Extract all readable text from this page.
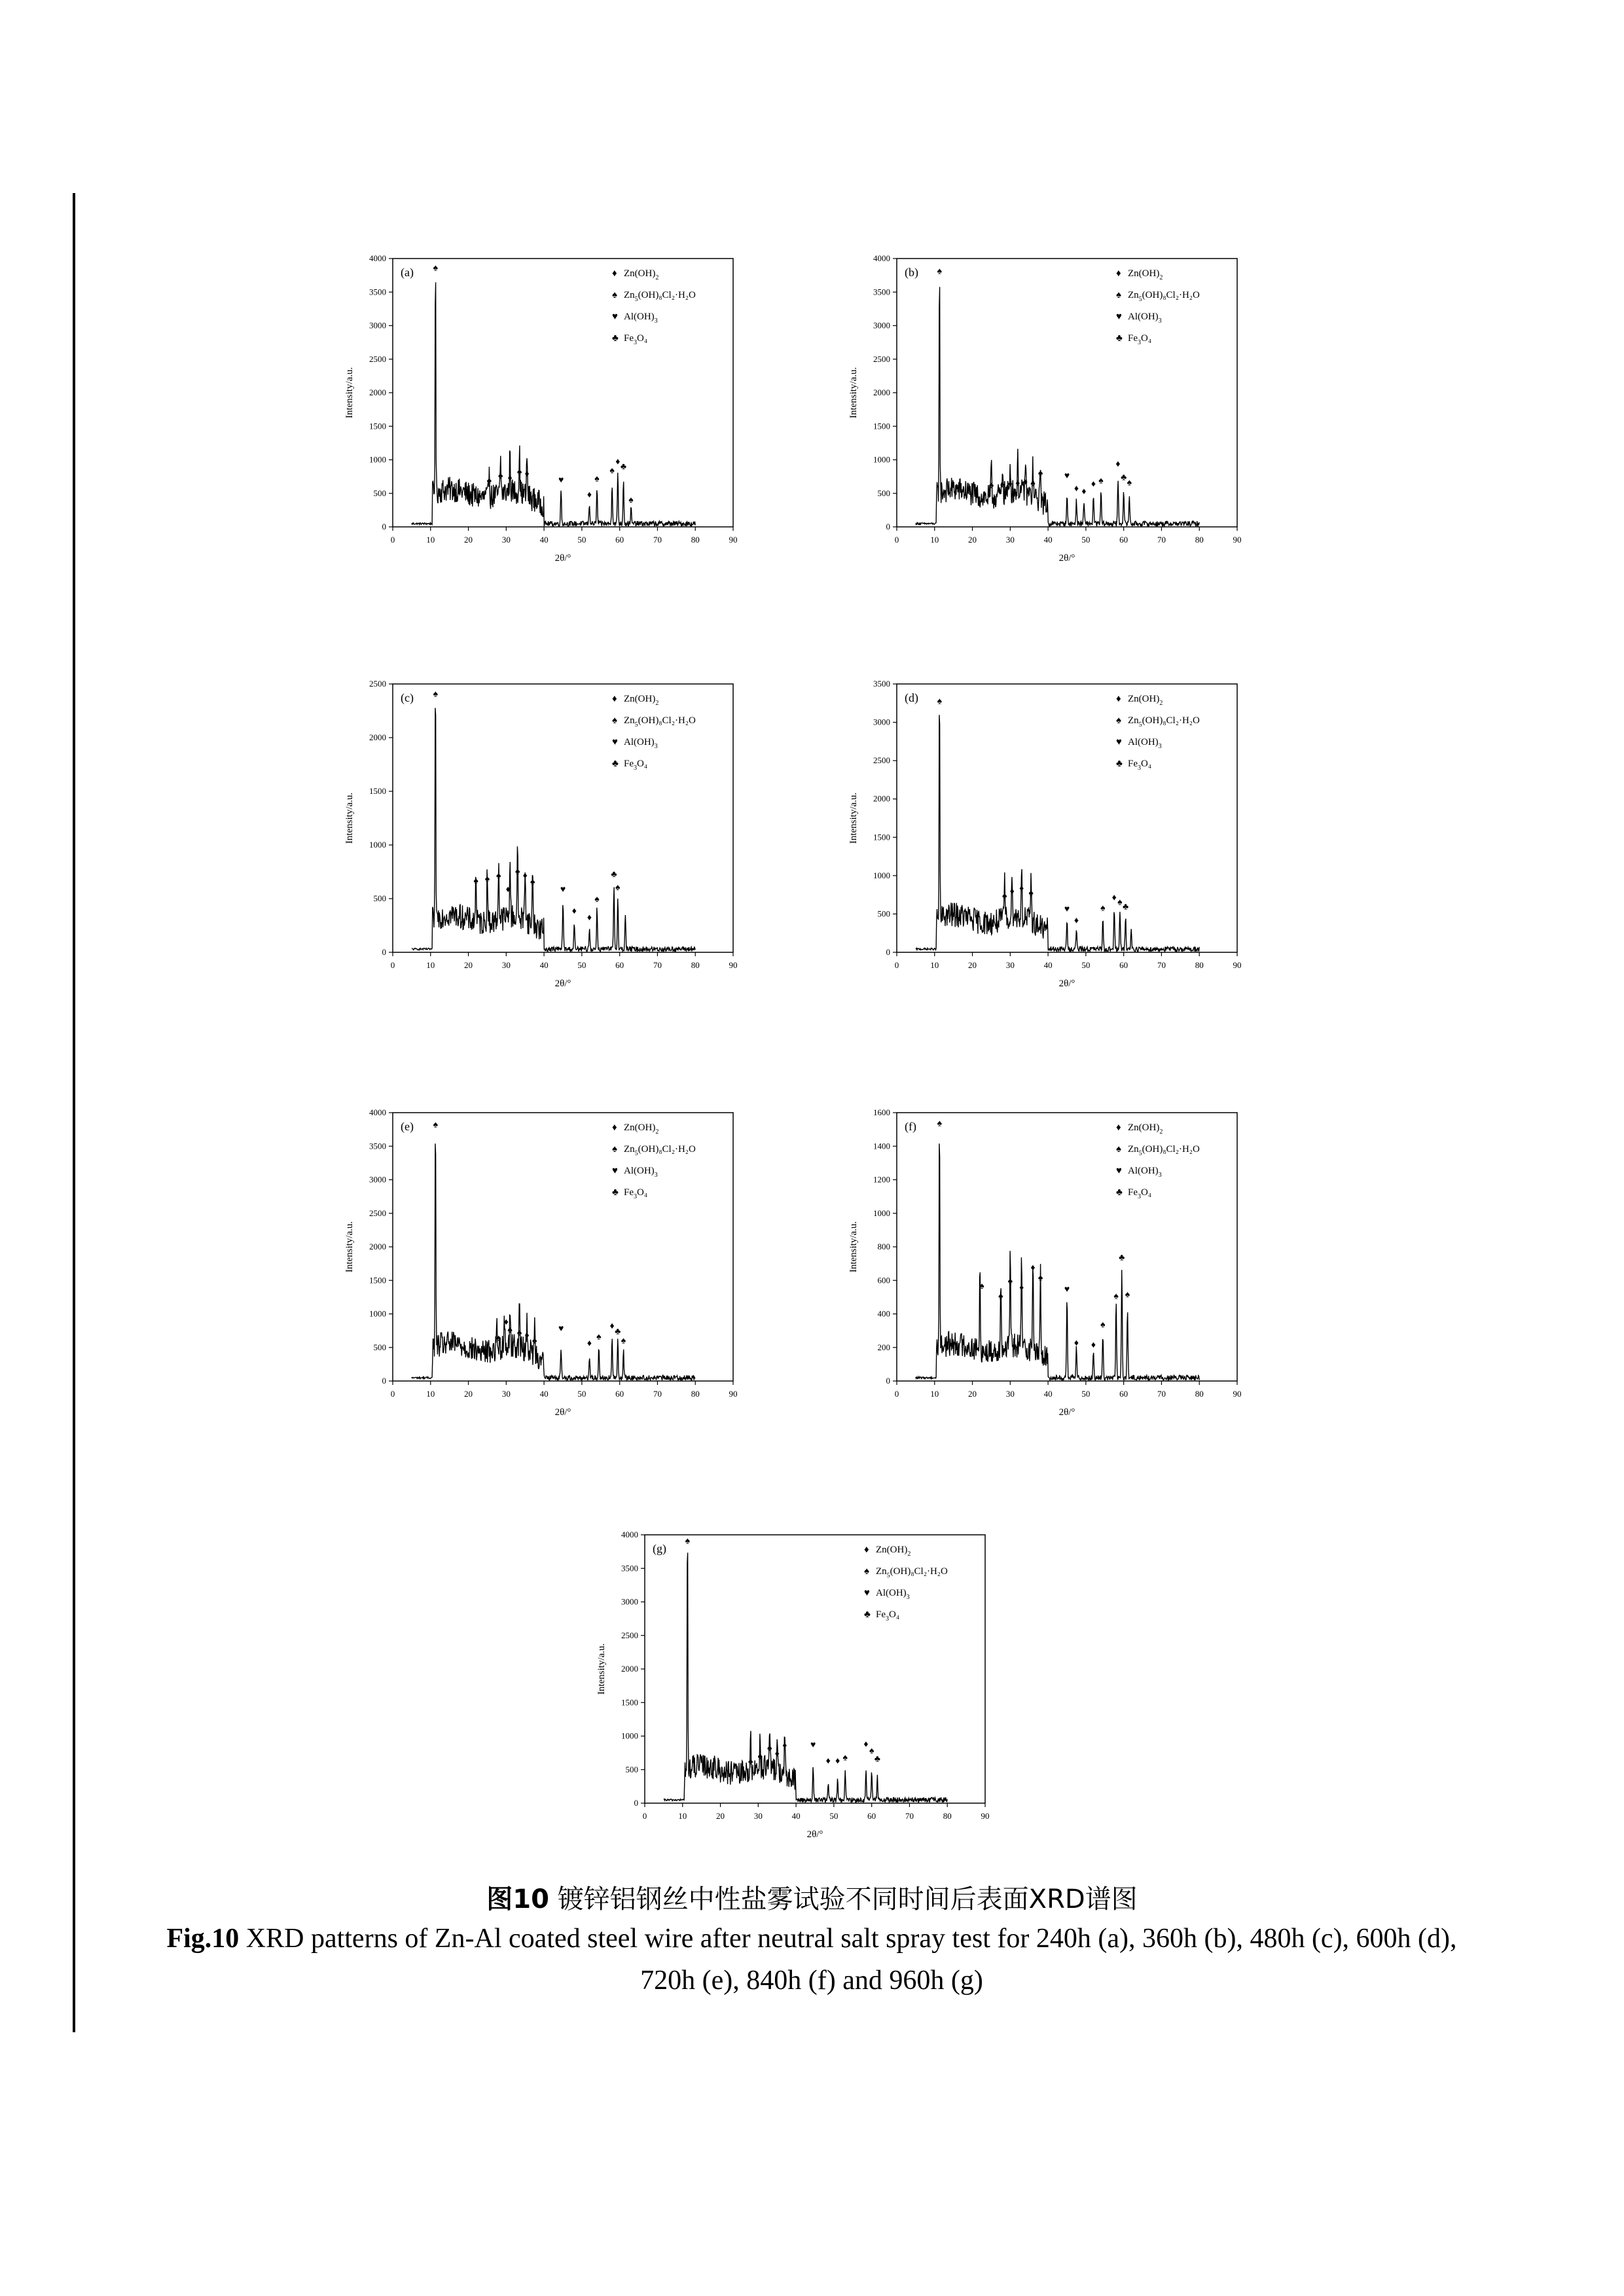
0	10	20	30	40	50	60	70	80	90
0
500
1000
1500
2000
2500
3000
3500
4000
2θ/°
Intensity/a.u.
(a)	♦ $Zn(OH)_2$
♠ $Zn_5(OH)_8Cl_2\cdot H_2O$
♥ $Al(OH)_3$
♣ $Fe_3O_4$
♠
♠ ♠ ♦
♠ ♦
♥
♦
♠
♠
♦ ♣
♠
0	10	20	30	40	50	60	70	80	90
0
500
1000
1500
2000
2500
3000
3500
4000
2θ/°
Intensity/a.u.
(b)	♦ $Zn(OH)_2$
♠ $Zn_5(OH)_8Cl_2\cdot H_2O$
♥ $Al(OH)_3$
♣ $Fe_3O_4$
♠
♠ ♠ ♦ ♦ ♦ ♠
♠ ♥
♦ ♦
♦ ♠
♦
♣
♠
0	10	20	30	40	50	60	70	80	90
0
500
1000
1500
2000
2500
2θ/°
Intensity/a.u.
(c)	♦ $Zn(OH)_2$
♠ $Zn_5(OH)_8Cl_2\cdot H_2O$
♥ $Al(OH)_3$
♣ $Fe_3O_4$
♠
♠ ♠ ♠
♦
♠ ♦
♠
♥
♦
♦
♠
♣
♠
0	10	20	30	40	50	60	70	80	90
0
500
1000
1500
2000
2500
3000
3500
2θ/°
Intensity/a.u.
(d)	♦ $Zn(OH)_2$
♠ $Zn_5(OH)_8Cl_2\cdot H_2O$
♥ $Al(OH)_3$
♣ $Fe_3O_4$
♠
♠ ♦ ♦ ♠
♥
♦
♠
♦ ♠ ♣
0	10	20	30	40	50	60	70	80	90
0
500
1000
1500
2000
2500
3000
3500
4000
2θ/°
Intensity/a.u.
(e)	♦ $Zn(OH)_2$
♠ $Zn_5(OH)_8Cl_2\cdot H_2O$
♥ $Al(OH)_3$
♣ $Fe_3O_4$
♠
♠
♦
♠ ♠ ♦
♠
♥
♦
♠
♦
♣
♠
0	10	20	30	40	50	60	70	80	90
0
200
400
600
800
1000
1200
1400
1600
2θ/°
Intensity/a.u.
(f)	♦ $Zn(OH)_2$
♠ $Zn_5(OH)_8Cl_2\cdot H_2O$
♥ $Al(OH)_3$
♣ $Fe_3O_4$
♠
♠
♠
♠
♦
♦
♠
♥
♦ ♦
♠
♠
♣
♠
0	10	20	30	40	50	60	70	80	90
0
500
1000
1500
2000
2500
3000
3500
4000
2θ/°
Intensity/a.u.
(g)	♦ $Zn(OH)_2$
♠ $Zn_5(OH)_8Cl_2\cdot H_2O$
♥ $Al(OH)_3$
♣ $Fe_3O_4$
♠
♠
♠
♠
♦
♦	♥
♦ ♦ ♠
♦
♠
♣
图10 镀锌铝钢丝中性盐雾试验不同时间后表面XRD谱图
Fig.10 XRD patterns of Zn-Al coated steel wire after neutral salt spray test for 240h (a), 360h (b), 480h (c), 600h (d), 720h (e), 840h (f) and 960h (g)
